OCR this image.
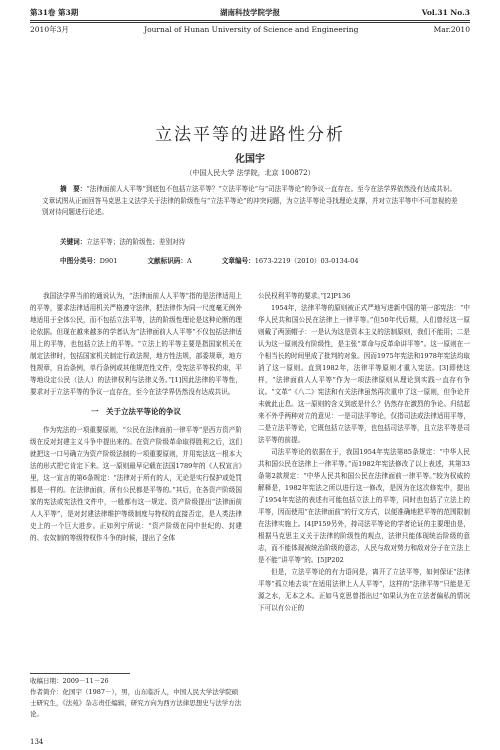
第31卷 第3期	湖南科技学院学报	Vol.31 No.3
2010年3月	Journal of Hunan University of Science and Engineering	Mar.2010
立法平等的进路性分析
化国宇
（中国人民大学 法学院，北京 100872）
摘　要：“法律面前人人平等”到底包不包括立法平等？“立法平等论”与“司法平等论”的争议一直存在。至今在法学界依然没有达成共识。文章试图从正面回答马克思主义法学关于法律的阶级性与“立法平等论”的冲突问题，为立法平等论寻找理论支撑，并对立法平等中不可忽视的差别对待问题进行论述。
关键词：立法平等；法的阶级性；差别对待
中图分类号：D901	文献标识码：A	文章编号：1673-2219（2010）03-0134-04

我国法学界当前的通说认为，“法律面前人人平等”指的是法律适用上的平等，要求法律适用机关严格遵守法律，把法律作为同一尺度毫无例外地适用于全体公民，而不包括立法平等，法的阶级性理论是这种论断的理论依据。但现在越来越多的学者认为“法律面前人人平等”不仅包括法律适用上的平等，也包括立法上的平等。“立法上的平等主要是指国家机关在制定法律时，包括国家机关制定行政法规，地方性法规，部委规章，地方性规章，自治条例，单行条例或其他规范性文件，受宪法平等权约束，平等地设定公民（法人）的法律权利与法律义务。”[1]因此法律的平等性，要求对于立法平等的争议一直存在，至今在法学界仍然没有达成共识。

一　关于立法平等论的争议

作为宪法的一项重要原则，“公民在法律面前一律平等”是西方资产阶级在反对封建主义斗争中提出来的。在资产阶级革命取得胜利之后，这们就把这一口号确立为资产阶级法制的一项重要原则，并用宪法这一根本大法的形式把它肯定下来。这一原则最早记载在法国1789年的《人权宣言》里，这一宣言的第6条规定：“法律对于所有的人，无论是实行保护或处罚都是一样的。在法律面前，所有公民都是平等的。”其后，在各资产阶级国家的宪法或宪法性文件中，一般都有这一规定。资产阶级提出“法律面前人人平等”，是对封建法律维护等级制度与特权的直接否定，是人类法律史上的一个巨大进步。正如列宁所说：“资产阶级在同中世纪的、封建的、农奴制的等级特权作斗争的时候，提出了全体

公民权利平等的要求。”[2]P136

1954年，法律平等的原则被正式严地写进新中国的第一部宪法：“中华人民共和国公民在法律上一律平等。”但50年代后期，人们曾经这一原则戴了两顶帽子：一是认为这是资本主义的法制原则，我们不能用；二是认为这一原则没有阶级性，是主张“革命与反革命讲平等”。这一原则在一个相当长的时间里成了批判的对象。因而1975年宪法和1978年宪法均取消了这一原则。直到1982年，法律平等原则才重入宪法。[3]即使这样，“法律面前人人平等”作为一项法律原则从理论到实践一直存有争议。“文革”《八二》宪法和有关法律虽然再次重申了这一原则，但争论并未就此止息。这一原则的含义到底是什么？仍然存在激烈的争论。归结起来不外乎两种对立的意见：一是司法平等论，仅指司法或法律适用平等，二是立法平等论，它既包括立法平等，也包括司法平等，且立法平等是司法平等的前提。

司法平等论的依据在于，我国1954年宪法第85条规定：“中华人民共和国公民在法律上一律平等。”而1982年宪法修改了以上表述，其第33条第2款规定：“中华人民共和国公民在法律面前一律平等。”较为权威的解释是，1982年宪法之所以进行这一修改，是因为在这次修宪中，提出了1954年宪法的表述有可能包括立法上的平等，同时也包括了立法上的平等，因而使用“在法律面前”的行文方式，以便准确地把平等的范围限制在法律实施上。[4]P159另外，持司法平等论的学者论证的主要理由是，根据马克思主义关于法律的阶级性的观点，法律只能体现统治阶级的意志，而不能体现被统治阶级的意志，人民与敌对势力和敌对分子在立法上是不能“讲平等”的。[5]P202

但是，立法平等论的有力语问是，离开了立法平等，如何保证“法律平等”孤立地去谈“在适用法律上人人平等”，这样的“法律平等”只能是无源之水，无本之木。正如马克思曾指出过“如果认为在立法者偏私的情况下可以有公正的

收稿日期：2009－11－26
作者简介：化国宇（1987－），男，山东临沂人，中国人民大学法学院硕士研究生，《法苑》杂志责任编辑，研究方向为西方法律思想史与法学方法论。
134
